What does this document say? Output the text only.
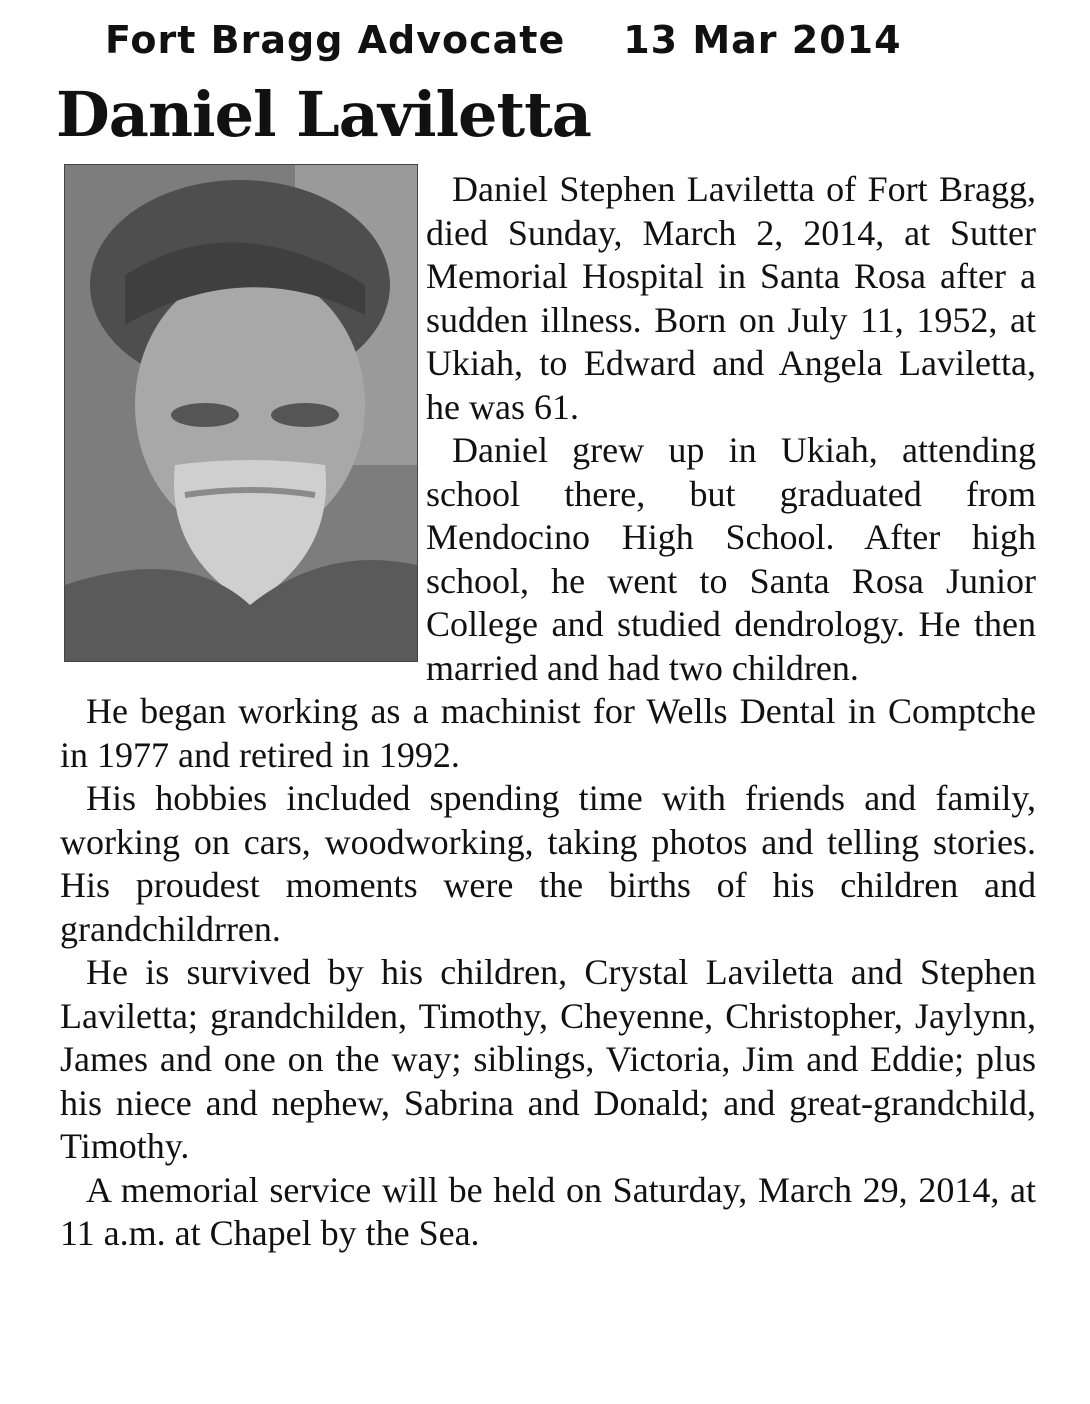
Fort Bragg Advocate 13 Mar 2014
Daniel Laviletta

Daniel Stephen Laviletta of Fort Bragg, died Sunday, March 2, 2014, at Sutter Memorial Hospital in Santa Rosa after a sudden illness. Born on July 11, 1952, at Ukiah, to Edward and Angela Laviletta, he was 61.

Daniel grew up in Ukiah, attending school there, but graduated from Mendocino High School. After high school, he went to Santa Rosa Junior College and studied dendrology. He then married and had two children.

He began working as a machinist for Wells Dental in Comptche in 1977 and retired in 1992.

His hobbies included spending time with friends and family, working on cars, woodworking, taking photos and telling stories. His proudest moments were the births of his children and grandchildrren.

He is survived by his children, Crystal Laviletta and Stephen Laviletta; grandchilden, Timothy, Cheyenne, Christopher, Jaylynn, James and one on the way; siblings, Victoria, Jim and Eddie; plus his niece and nephew, Sabrina and Donald; and great-grandchild, Timothy.

A memorial service will be held on Saturday, March 29, 2014, at 11 a.m. at Chapel by the Sea.
